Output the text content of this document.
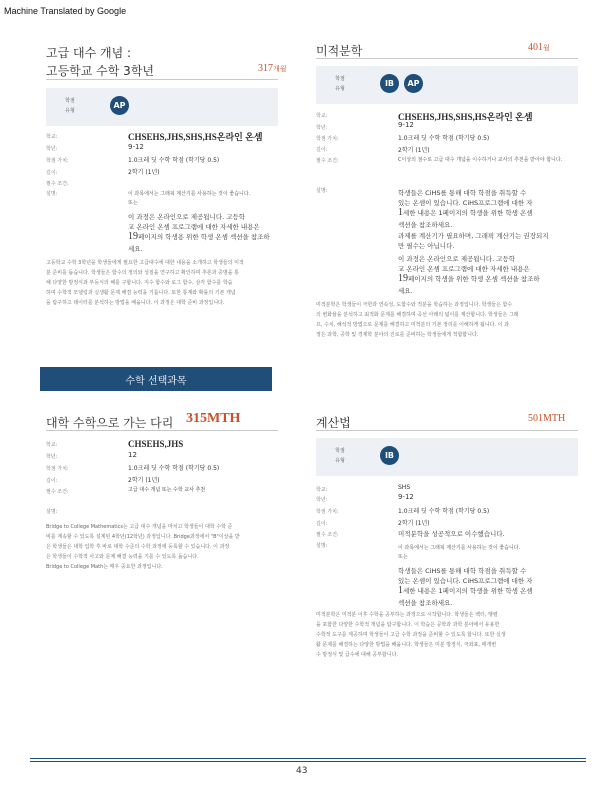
Machine Translated by Google
고급 대수 개념 :
고등학교 수학 3학년	317개월
학점
유형
AP
학교:	CHSEHS,JHS,SHS,HS온라인 온셈
학년:	9-12
학점 가치:	1.0크레 딧 수학 학점 (학기당 0.5)
길이:	2학기 (1년)
필수 조건:
설명:	이 과목에서는 그래픽 계산기를 사용하는 것이 좋습니다.
또는
이 과정은 온라인으로 제공됩니다. 고등학
교 온라인 온셈 프로그램에 대한 자세한 내용은
19페이지의 학생용 위한 학생 온셈 섹션을 참조하
세요.
고등학교 수학 3학년을 학생들에게 필요한 고급대수에 대한 내용을 소개하고 학생들의 미적
분 준비를 돕습니다. 학생들은 함수의 정의와 성질을 연구하고 확인하며 추론과 증명을 통
해 다양한 방정식과 부등식의 해를 구합니다. 지수 함수와 로그 함수, 삼각 함수를 학습
하며 수학적 모델링과 실생활 문제 해결 능력을 기릅니다. 또한 통계와 확률의 기본 개념
을 탐구하고 데이터를 분석하는 방법을 배웁니다. 이 과정은 대학 준비 과정입니다.
미적분학	401월
학점
유형
IB	AP
학교:	CHSEHS,JHS,SHS,HS온라인 온셈
학년:	9-12
학점 가치:	1.0크레 딧 수학 학점 (학기당 0.5)
길이:	2학기 (1년)
필수 조건:	C이상의 점수로 고급 대수 개념을 이수하거나 교사의 추천을 받아야 합니다.
설명:	학생들은 CiHS를 통해 대학 학점을 취득할 수
있는 온셈이 있습니다. CiHS프로그램에 대한 자
1세한 내용은 1페이지의 학생을 위한 학생 온셈
섹션을 참조하세요.
과제를 계산기가 필요하며, 그래픽 계산기는 권장되지
만 필수는 아닙니다.
이 과정은 온라인으로 제공됩니다. 고등학
교 온라인 온셈 프로그램에 대한 자세한 내용은
19페이지의 학생을 위한 학생 온셈 섹션을 참조하
세요.
미적분학은 학생들이 극한과 연속성, 도함수와 적분을 학습하는 과정입니다. 학생들은 함수
의 변화율을 분석하고 최적화 문제를 해결하며 곡선 아래의 넓이를 계산합니다. 학생들은 그래
프, 수치, 해석적 방법으로 문제를 해결하고 미적분의 기본 정리를 이해하게 됩니다. 이 과
정은 과학, 공학 및 경제학 분야의 진로를 준비하는 학생들에게 적합합니다.
수학 선택과목
대학 수학으로 가는 다리 315MTH
학교:	CHSEHS,JHS
학년:	12
학점 가치:	1.0크레 딧 수학 학점 (학기당 0.5)
길이:	2학기 (1년)
필수 조건:	고급 대수 개념 또는 수학 교사 추천
설명:
Bridge to College Mathematics는 고급 대수 개념을 마치고 학생들이 대학 수학 준
비를 계속할 수 있도록 설계된 4학년(12학년) 과정입니다. Bridge과정에서 "B"이상을 받
은 학생들은 대학 입학 후 바로 대학 수준의 수학 과정에 등록할 수 있습니다. 이 과정
은 학생들이 수학적 사고와 문제 해결 능력을 기를 수 있도록 돕습니다.
Bridge to College Math는 매우 중요한 과정입니다.
계산법	501MTH
학점
유형
IB
학교:	SHS
학년:	9-12
학점 가치:	1.0크레 딧 수학 학점 (학기당 0.5)
길이:	2학기 (1년)
필수 조건:	미적분학을 성공적으로 이수했습니다.
설명:	이 과목에서는 그래픽 계산기를 사용하는 것이 좋습니다.
또는
학생들은 CiHS를 통해 대학 학점을 취득할 수
있는 온셈이 있습니다. CiHS프로그램에 대한 자
1세한 내용은 1페이지의 학생을 위한 학생 온셈
섹션을 참조하세요.
미적분학은 미적분 이후 수학을 공부하는 과정으로 시작합니다. 학생들은 벡터, 행렬
을 포함한 다양한 수학적 개념을 탐구합니다. 이 학습은 공학과 과학 분야에서 유용한
수학적 도구를 제공하며 학생들이 고급 수학 과정을 준비할 수 있도록 합니다. 또한 실생
활 문제를 해결하는 다양한 방법을 배웁니다. 학생들은 미분 방정식, 극좌표, 매개변
수 방정식 및 급수에 대해 공부합니다.
43
